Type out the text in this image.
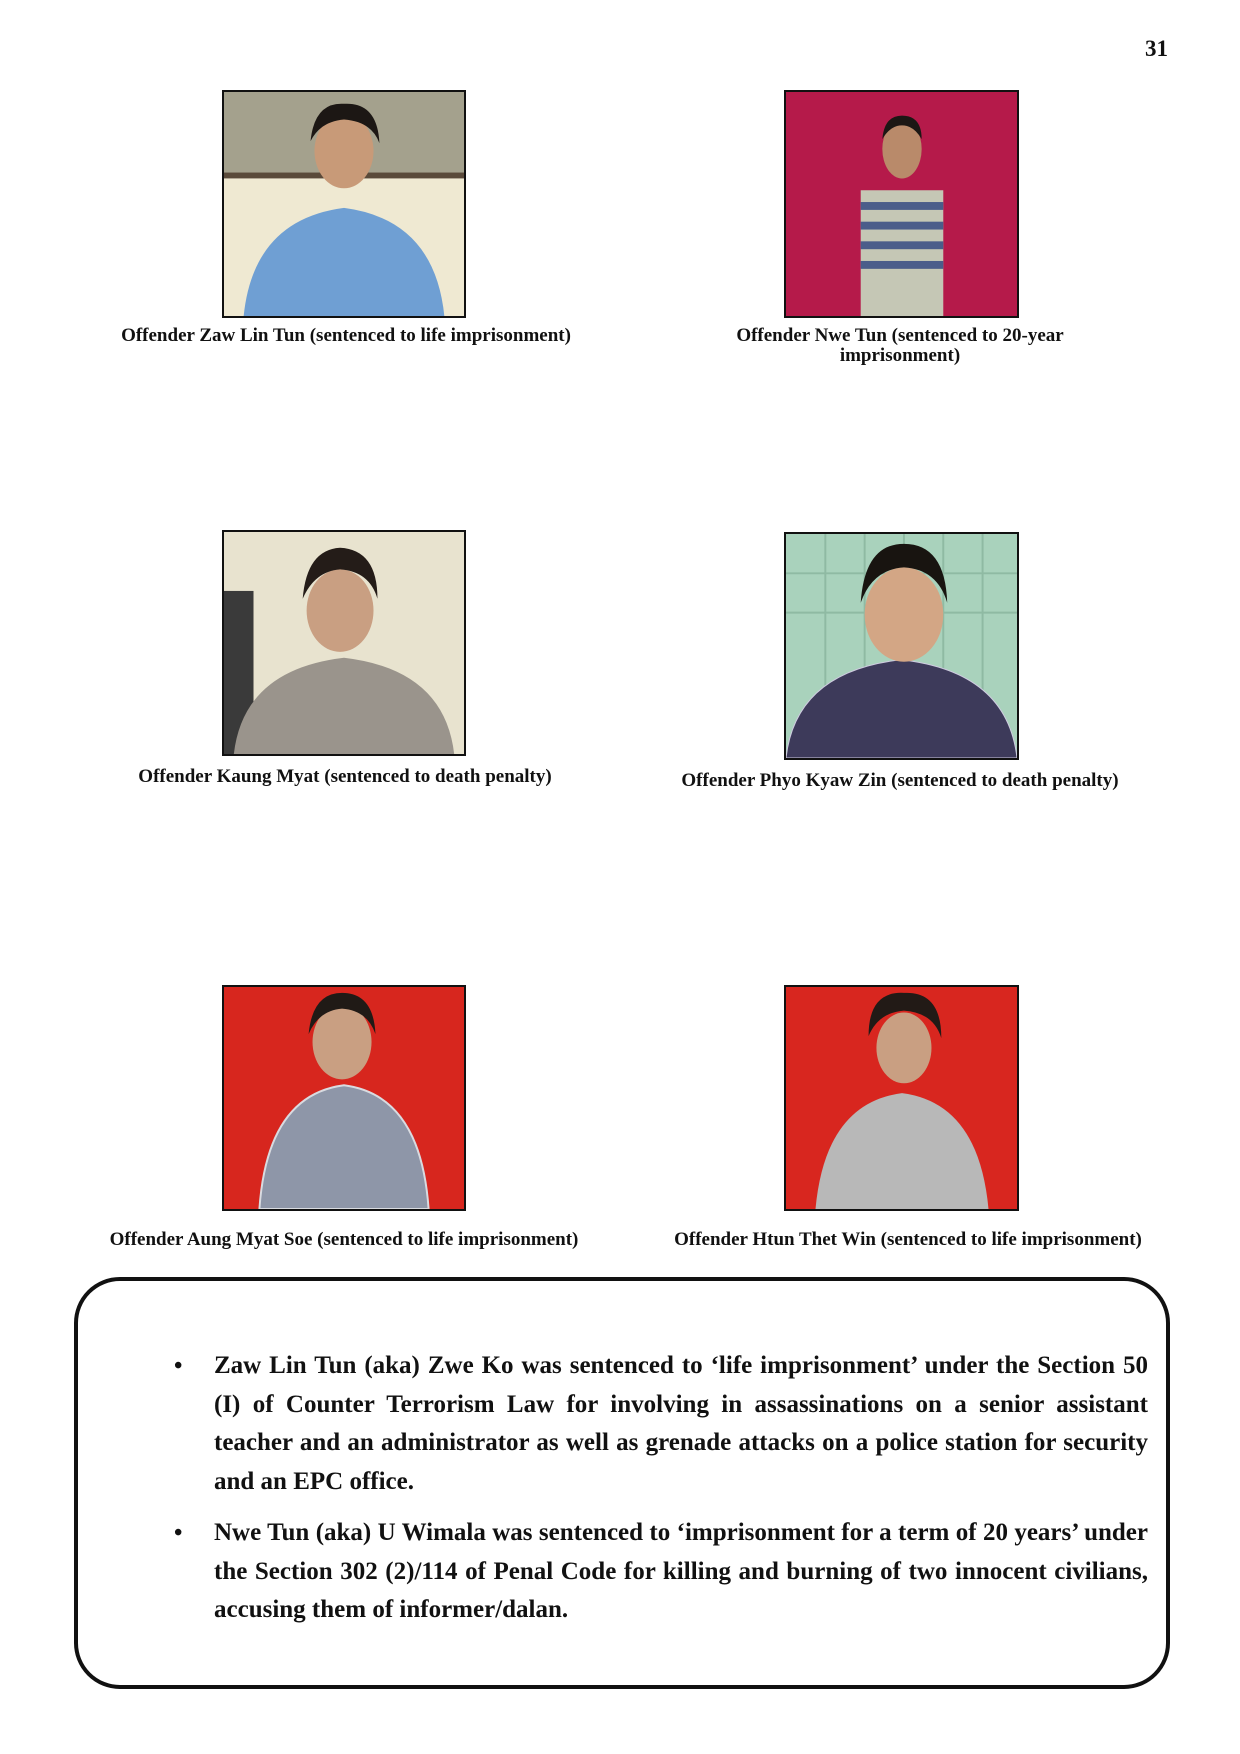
31
Offender Zaw Lin Tun (sentenced to life imprisonment)	Offender Nwe Tun (sentenced to 20-year imprisonment)
Offender Kaung Myat (sentenced to death penalty)	Offender Phyo Kyaw Zin (sentenced to death penalty)
Offender Aung Myat Soe (sentenced to life imprisonment)	Offender Htun Thet Win (sentenced to life imprisonment)
• Zaw Lin Tun (aka) Zwe Ko was sentenced to ‘life imprisonment’ under the Section 50 (I) of Counter Terrorism Law for involving in assassinations on a senior assistant teacher and an administrator as well as grenade attacks on a police station for security and an EPC office.
• Nwe Tun (aka) U Wimala was sentenced to ‘imprisonment for a term of 20 years’ under the Section 302 (2)/114 of Penal Code for killing and burning of two innocent civilians, accusing them of informer/dalan.
